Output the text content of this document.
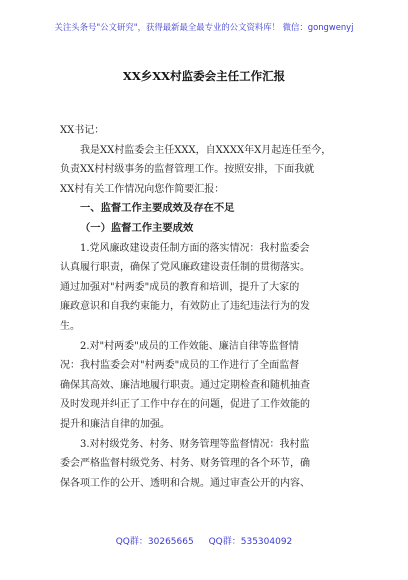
关注头条号"公文研究"，获得最新最全最专业的公文资料库！ 微信：gongwenyj
XX乡XX村监委会主任工作汇报
XX书记：
我是XX村监委会主任XXX，自XXXX年X月起连任至今，
负责XX村村级事务的监督管理工作。按照安排，下面我就
XX村有关工作情况向您作简要汇报：
一、监督工作主要成效及存在不足
（一）监督工作主要成效
1.党风廉政建设责任制方面的落实情况：我村监委会
认真履行职责，确保了党风廉政建设责任制的贯彻落实。
通过加强对"村两委"成员的教育和培训，提升了大家的
廉政意识和自我约束能力，有效防止了违纪违法行为的发
生。
2.对"村两委"成员的工作效能、廉洁自律等监督情
况：我村监委会对"村两委"成员的工作进行了全面监督
确保其高效、廉洁地履行职责。通过定期检查和随机抽查
及时发现并纠正了工作中存在的问题，促进了工作效能的
提升和廉洁自律的加强。
3.对村级党务、村务、财务管理等监督情况：我村监
委会严格监督村级党务、村务、财务管理的各个环节，确
保各项工作的公开、透明和合规。通过审查公开的内容、
QQ群：30265665 QQ群：535304092
